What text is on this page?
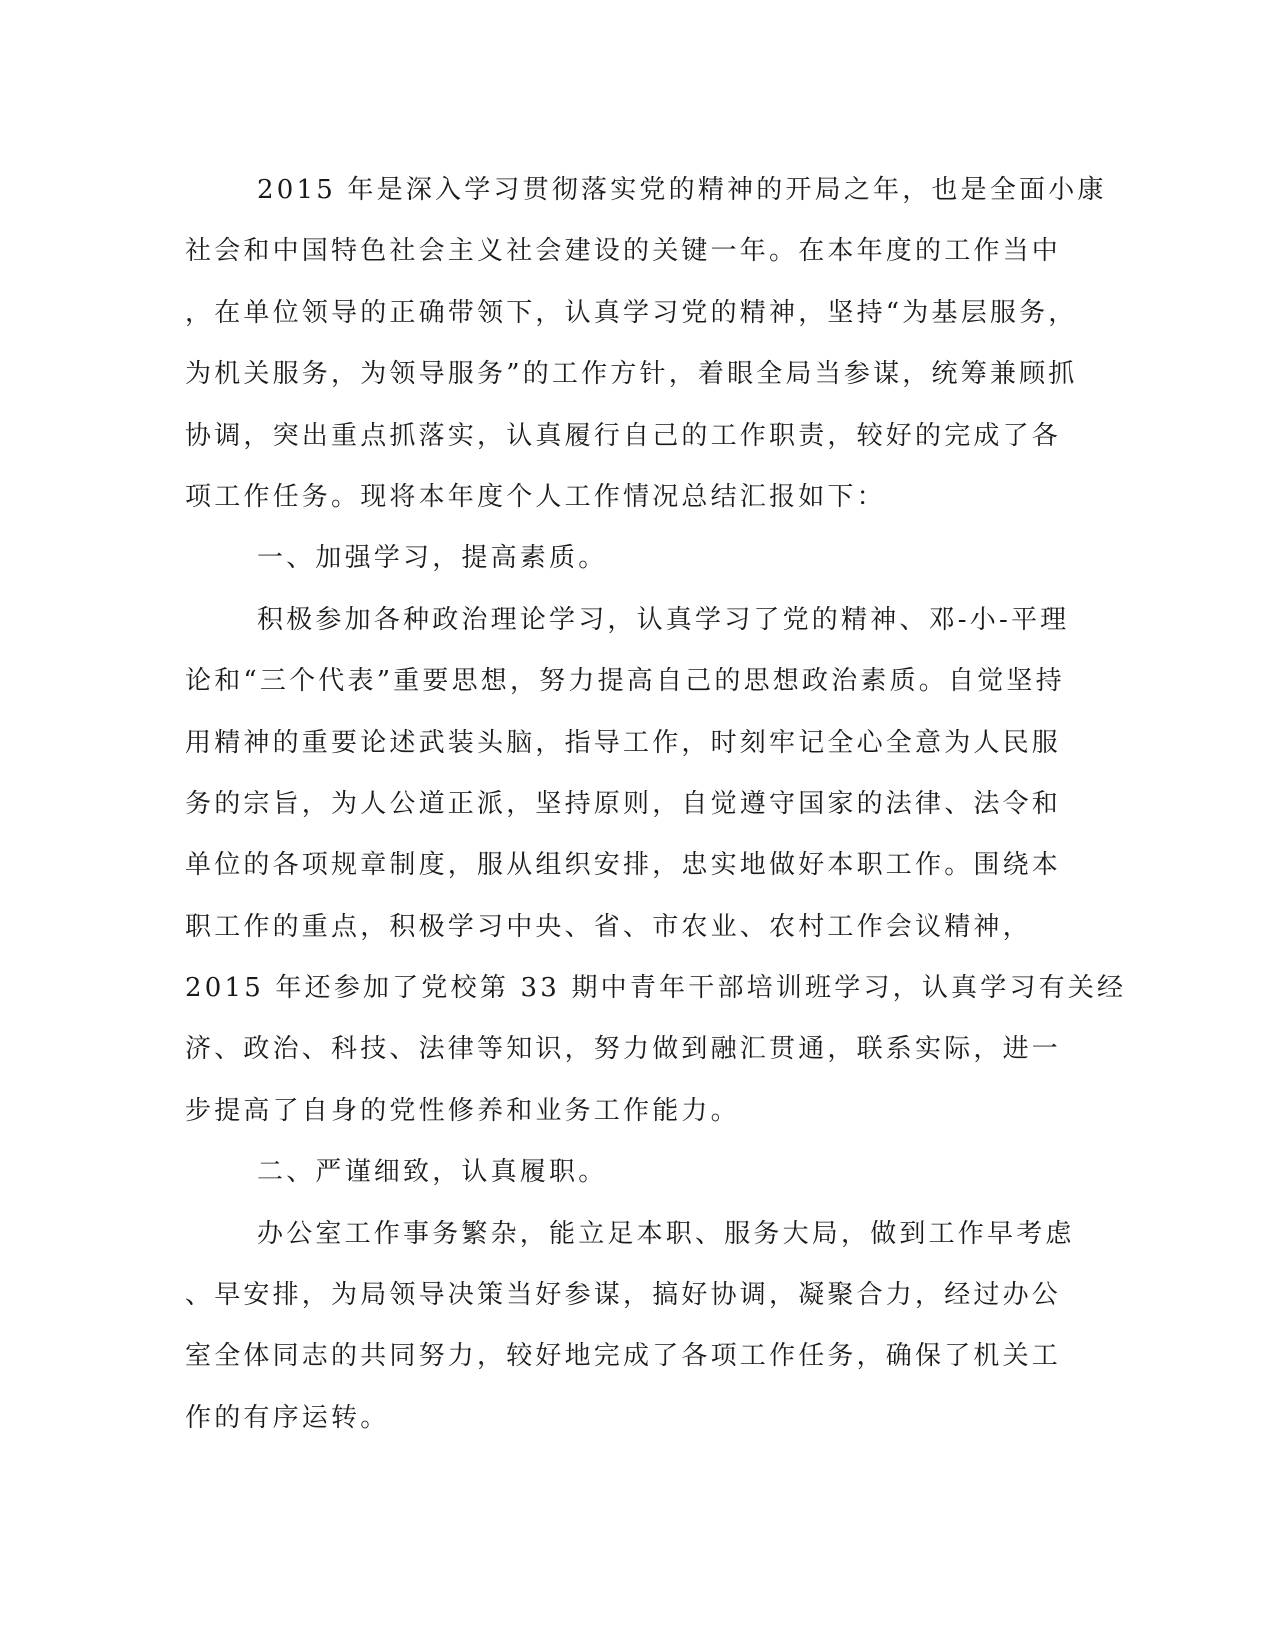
2015 年是深入学习贯彻落实党的精神的开局之年，也是全面小康
社会和中国特色社会主义社会建设的关键一年。在本年度的工作当中
，在单位领导的正确带领下，认真学习党的精神，坚持“为基层服务，
为机关服务，为领导服务”的工作方针，着眼全局当参谋，统筹兼顾抓
协调，突出重点抓落实，认真履行自己的工作职责，较好的完成了各
项工作任务。现将本年度个人工作情况总结汇报如下：
一、加强学习，提高素质。
积极参加各种政治理论学习，认真学习了党的精神、邓-小-平理
论和“三个代表”重要思想，努力提高自己的思想政治素质。自觉坚持
用精神的重要论述武装头脑，指导工作，时刻牢记全心全意为人民服
务的宗旨，为人公道正派，坚持原则，自觉遵守国家的法律、法令和
单位的各项规章制度，服从组织安排，忠实地做好本职工作。围绕本
职工作的重点，积极学习中央、省、市农业、农村工作会议精神，
2015 年还参加了党校第 33 期中青年干部培训班学习，认真学习有关经
济、政治、科技、法律等知识，努力做到融汇贯通，联系实际，进一
步提高了自身的党性修养和业务工作能力。
二、严谨细致，认真履职。
办公室工作事务繁杂，能立足本职、服务大局，做到工作早考虑
、早安排，为局领导决策当好参谋，搞好协调，凝聚合力，经过办公
室全体同志的共同努力，较好地完成了各项工作任务，确保了机关工
作的有序运转。
